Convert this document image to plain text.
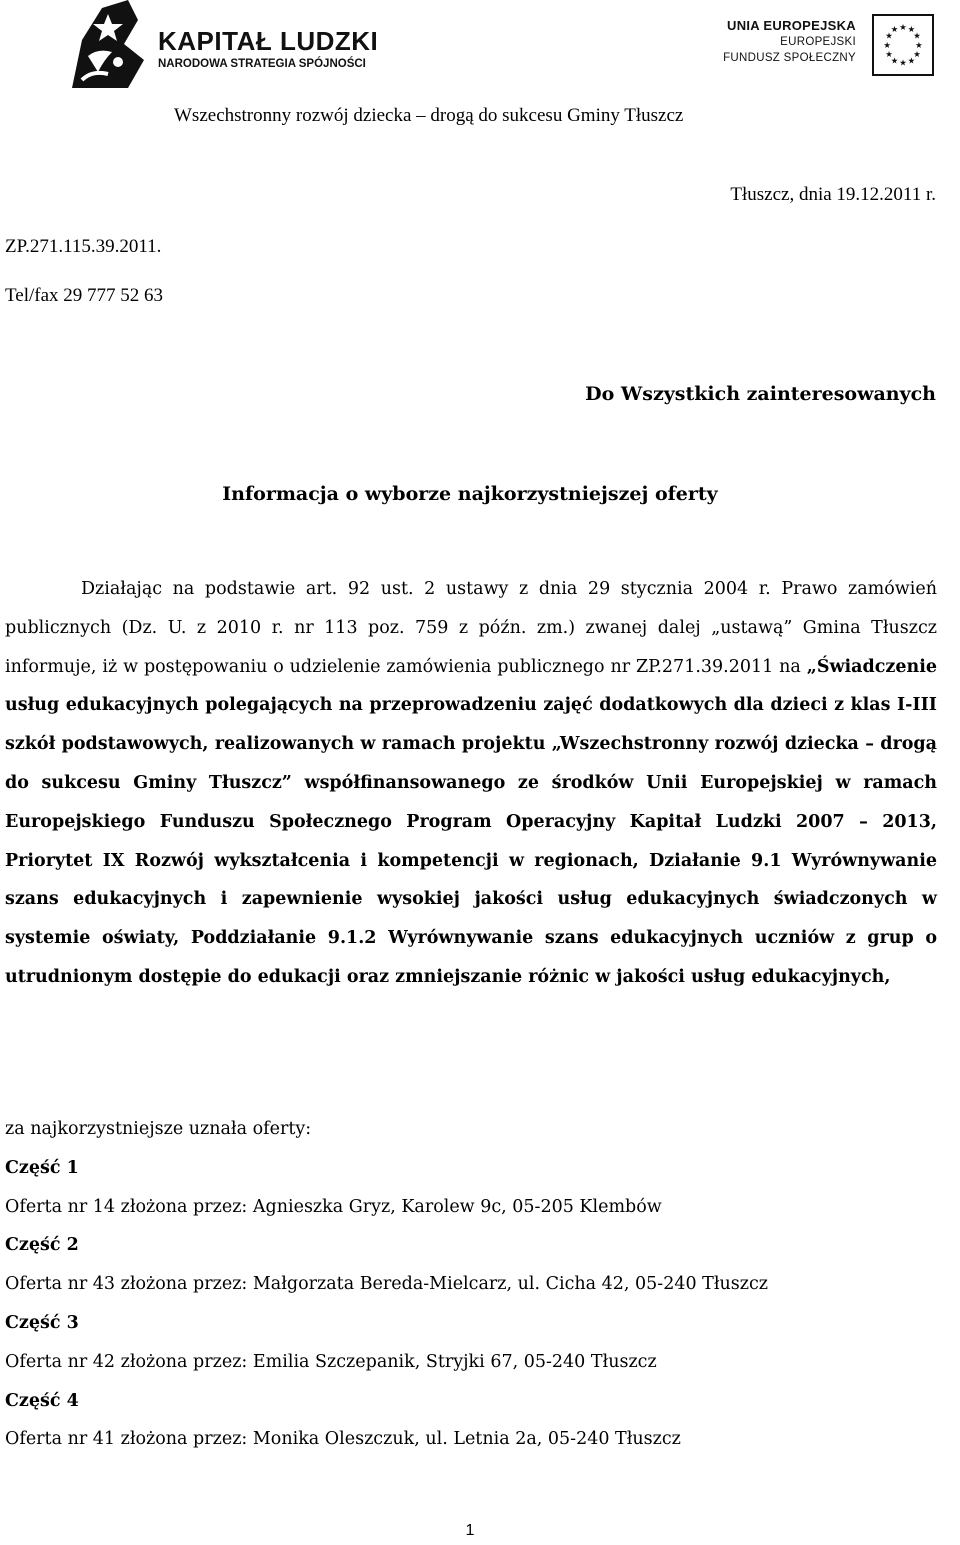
KAPITAŁ LUDZKI
NARODOWA STRATEGIA SPÓJNOŚCI
UNIA EUROPEJSKA
EUROPEJSKI
FUNDUSZ SPOŁECZNY
★ ★
★
★
★
★
★
★
★
★
★
★
Wszechstronny rozwój dziecka – drogą do sukcesu Gminy Tłuszcz
Tłuszcz, dnia 19.12.2011 r.
ZP.271.115.39.2011.
Tel/fax 29 777 52 63
Do Wszystkich zainteresowanych
Informacja o wyborze najkorzystniejszej oferty

Działając na podstawie art. 92 ust. 2 ustawy z dnia 29 stycznia 2004 r. Prawo zamówień publicznych (Dz. U. z 2010 r. nr 113 poz. 759 z późn. zm.) zwanej dalej „ustawą” Gmina Tłuszcz informuje, iż w postępowaniu o udzielenie zamówienia publicznego nr ZP.271.39.2011 na „Świadczenie usług edukacyjnych polegających na przeprowadzeniu zajęć dodatkowych dla dzieci z klas I-III szkół podstawowych, realizowanych w ramach projektu „Wszechstronny rozwój dziecka – drogą do sukcesu Gminy Tłuszcz” współfinansowanego ze środków Unii Europejskiej w ramach Europejskiego Funduszu Społecznego Program Operacyjny Kapitał Ludzki 2007 – 2013, Priorytet IX Rozwój wykształcenia i kompetencji w regionach, Działanie 9.1 Wyrównywanie szans edukacyjnych i zapewnienie wysokiej jakości usług edukacyjnych świadczonych w systemie oświaty, Poddziałanie 9.1.2 Wyrównywanie szans edukacyjnych uczniów z grup o utrudnionym dostępie do edukacji oraz zmniejszanie różnic w jakości usług edukacyjnych,

za najkorzystniejsze uznała oferty:
Część 1
Oferta nr 14 złożona przez: Agnieszka Gryz, Karolew 9c, 05-205 Klembów
Część 2
Oferta nr 43 złożona przez: Małgorzata Bereda-Mielcarz, ul. Cicha 42, 05-240 Tłuszcz
Część 3
Oferta nr 42 złożona przez: Emilia Szczepanik, Stryjki 67, 05-240 Tłuszcz
Część 4
Oferta nr 41 złożona przez: Monika Oleszczuk, ul. Letnia 2a, 05-240 Tłuszcz
1
